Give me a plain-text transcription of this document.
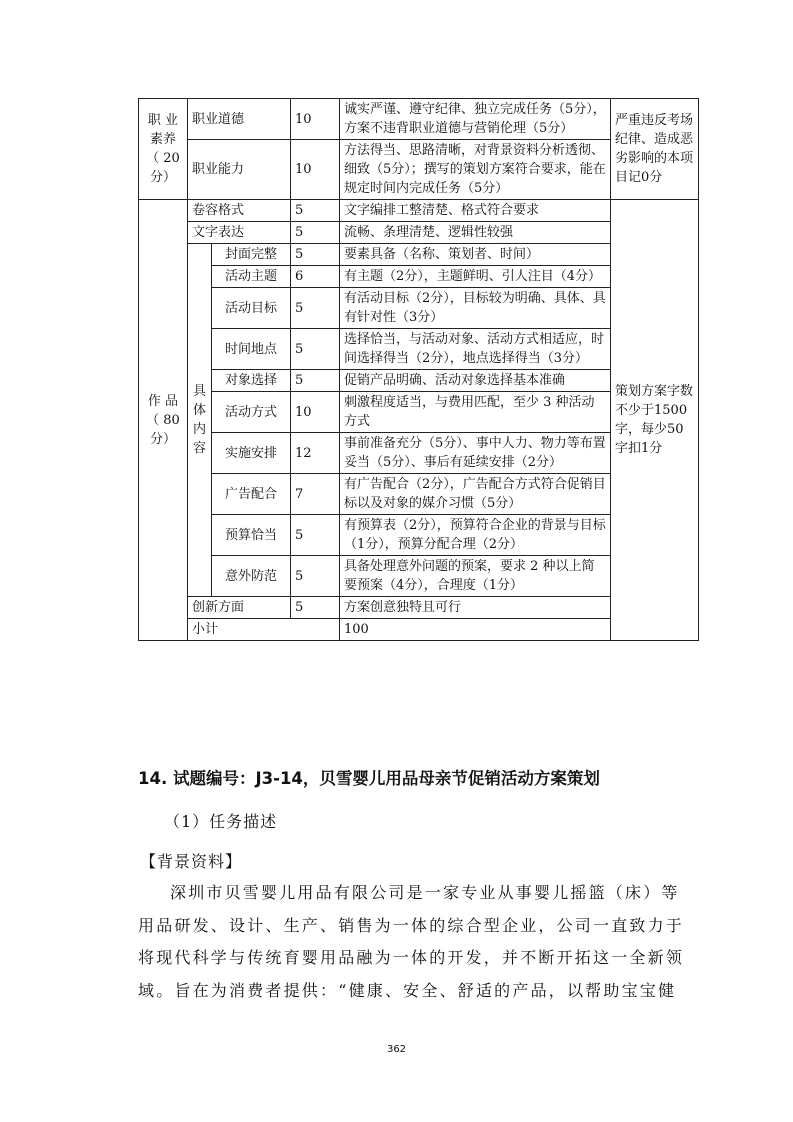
职 业
素养
（ 20
分）	职业道德		10	诚实严谨、遵守纪律、独立完成任务（5分），方案不违背职业道德与营销伦理（5分）	严重违反考场纪律、造成恶劣影响的本项目记0分	
	职业能力		10	方法得当、思路清晰，对背景资料分析透彻、细致（5分）；撰写的策划方案符合要求，能在规定时间内完成任务（5分）		
作 品
（ 80
分）	卷容格式		5	文字编排工整清楚、格式符合要求	策划方案字数不少于1500字，每少50字扣1分	
	文字表达		5	流畅、条理清楚、逻辑性较强		
	具
体
内
容	封面完整	5	要素具备（名称、策划者、时间）		
		活动主题	6	有主题（2分），主题鲜明、引人注目（4分）		
		活动目标	5	有活动目标（2分），目标较为明确、具体、具有针对性（3分）		
		时间地点	5	选择恰当，与活动对象、活动方式相适应，时间选择得当（2分），地点选择得当（3分）		
		对象选择	5	促销产品明确、活动对象选择基本准确		
		活动方式	10	刺激程度适当，与费用匹配，至少 3 种活动方式		
		实施安排	12	事前准备充分（5分）、事中人力、物力等布置妥当（5分）、事后有延续安排（2分）		
		广告配合	7	有广告配合（2分），广告配合方式符合促销目标以及对象的媒介习惯（5分）		
		预算恰当	5	有预算表（2分），预算符合企业的背景与目标（1分），预算分配合理（2分）		
		意外防范	5	具备处理意外问题的预案，要求 2 种以上简要预案（4分），合理度（1分）		
	创新方面		5	方案创意独特且可行		
	小计			100		
14. 试题编号：J3-14，贝雪婴儿用品母亲节促销活动方案策划
（1）任务描述
【背景资料】
深圳市贝雪婴儿用品有限公司是一家专业从事婴儿摇篮（床）等
用品研发、设计、生产、销售为一体的综合型企业，公司一直致力于
将现代科学与传统育婴用品融为一体的开发，并不断开拓这一全新领
域。旨在为消费者提供：“健康、安全、舒适的产品，以帮助宝宝健
362
